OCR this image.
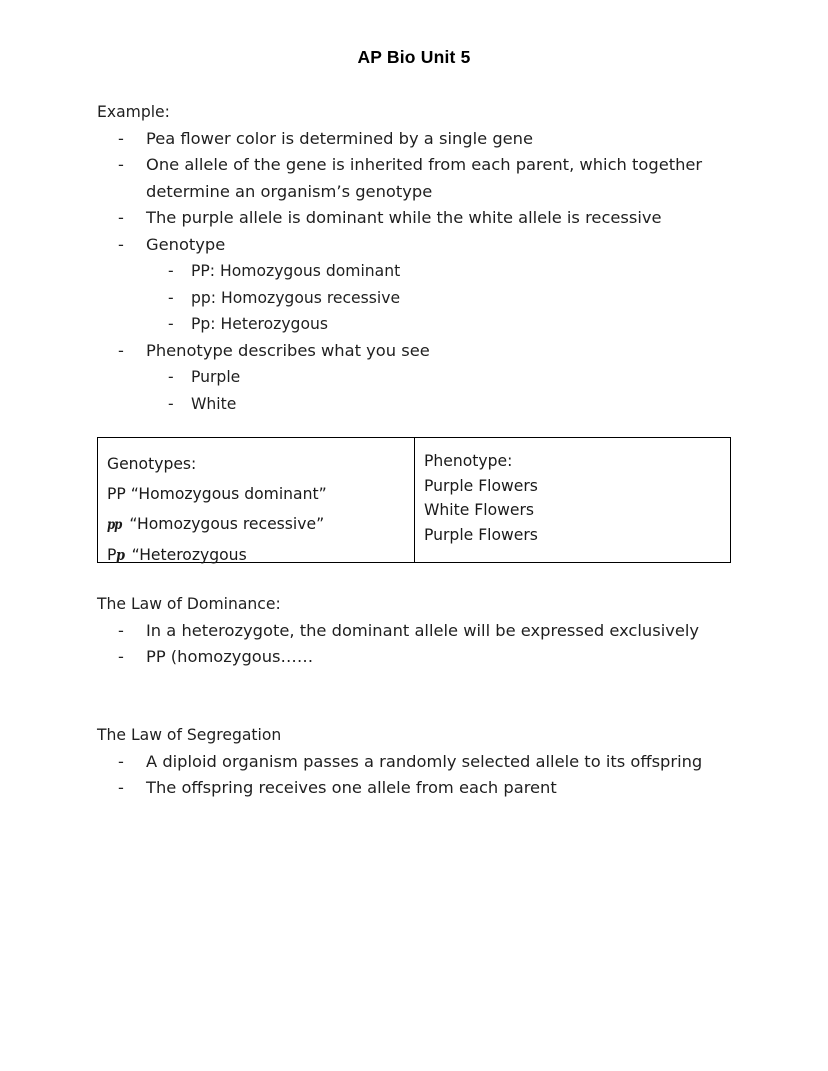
AP Bio Unit 5

Example:

- Pea flower color is determined by a single gene
- One allele of the gene is inherited from each parent, which together determine an organism’s genotype
- The purple allele is dominant while the white allele is recessive
- Genotype
- PP: Homozygous dominant
- pp: Homozygous recessive
- Pp: Heterozygous
- Phenotype describes what you see
- Purple
- White
Genotypes:
PP “Homozygous dominant”
pp “Homozygous recessive”
Pp “Heterozygous
Phenotype:
Purple Flowers
White Flowers
Purple Flowers

The Law of Dominance:

- In a heterozygote, the dominant allele will be expressed exclusively
- PP (homozygous……

The Law of Segregation

- A diploid organism passes a randomly selected allele to its offspring
- The offspring receives one allele from each parent
